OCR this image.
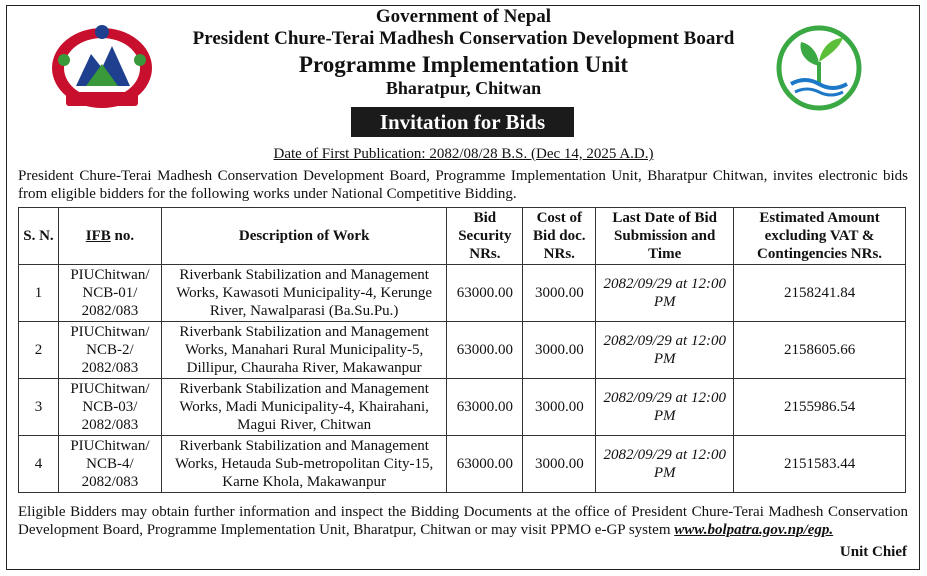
Government of Nepal
President Chure-Terai Madhesh Conservation Development Board
Programme Implementation Unit
Bharatpur, Chitwan
Invitation for Bids
Date of First Publication: 2082/08/28 B.S. (Dec 14, 2025 A.D.)
President Chure-Terai Madhesh Conservation Development Board, Programme Implementation Unit, Bharatpur Chitwan, invites electronic bids from eligible bidders for the following works under National Competitive Bidding.
S. N.	IFB no.	Description of Work	Bid Security NRs.	Cost of Bid doc. NRs.	Last Date of Bid Submission and Time	Estimated Amount excluding VAT & Contingencies NRs.
1	PIUChitwan/ NCB-01/ 2082/083	Riverbank Stabilization and Management Works, Kawasoti Municipality-4, Kerunge River, Nawalparasi (Ba.Su.Pu.)	63000.00	3000.00	2082/09/29 at 12:00 PM	2158241.84
2	PIUChitwan/ NCB-2/ 2082/083	Riverbank Stabilization and Management Works, Manahari Rural Municipality-5, Dillipur, Chauraha River, Makawanpur	63000.00	3000.00	2082/09/29 at 12:00 PM	2158605.66
3	PIUChitwan/ NCB-03/ 2082/083	Riverbank Stabilization and Management Works, Madi Municipality-4, Khairahani, Magui River, Chitwan	63000.00	3000.00	2082/09/29 at 12:00 PM	2155986.54
4	PIUChitwan/ NCB-4/ 2082/083	Riverbank Stabilization and Management Works, Hetauda Sub-metropolitan City-15, Karne Khola, Makawanpur	63000.00	3000.00	2082/09/29 at 12:00 PM	2151583.44
Eligible Bidders may obtain further information and inspect the Bidding Documents at the office of President Chure-Terai Madhesh Conservation Development Board, Programme Implementation Unit, Bharatpur, Chitwan or may visit PPMO e-GP system www.bolpatra.gov.np/egp.
Unit Chief
